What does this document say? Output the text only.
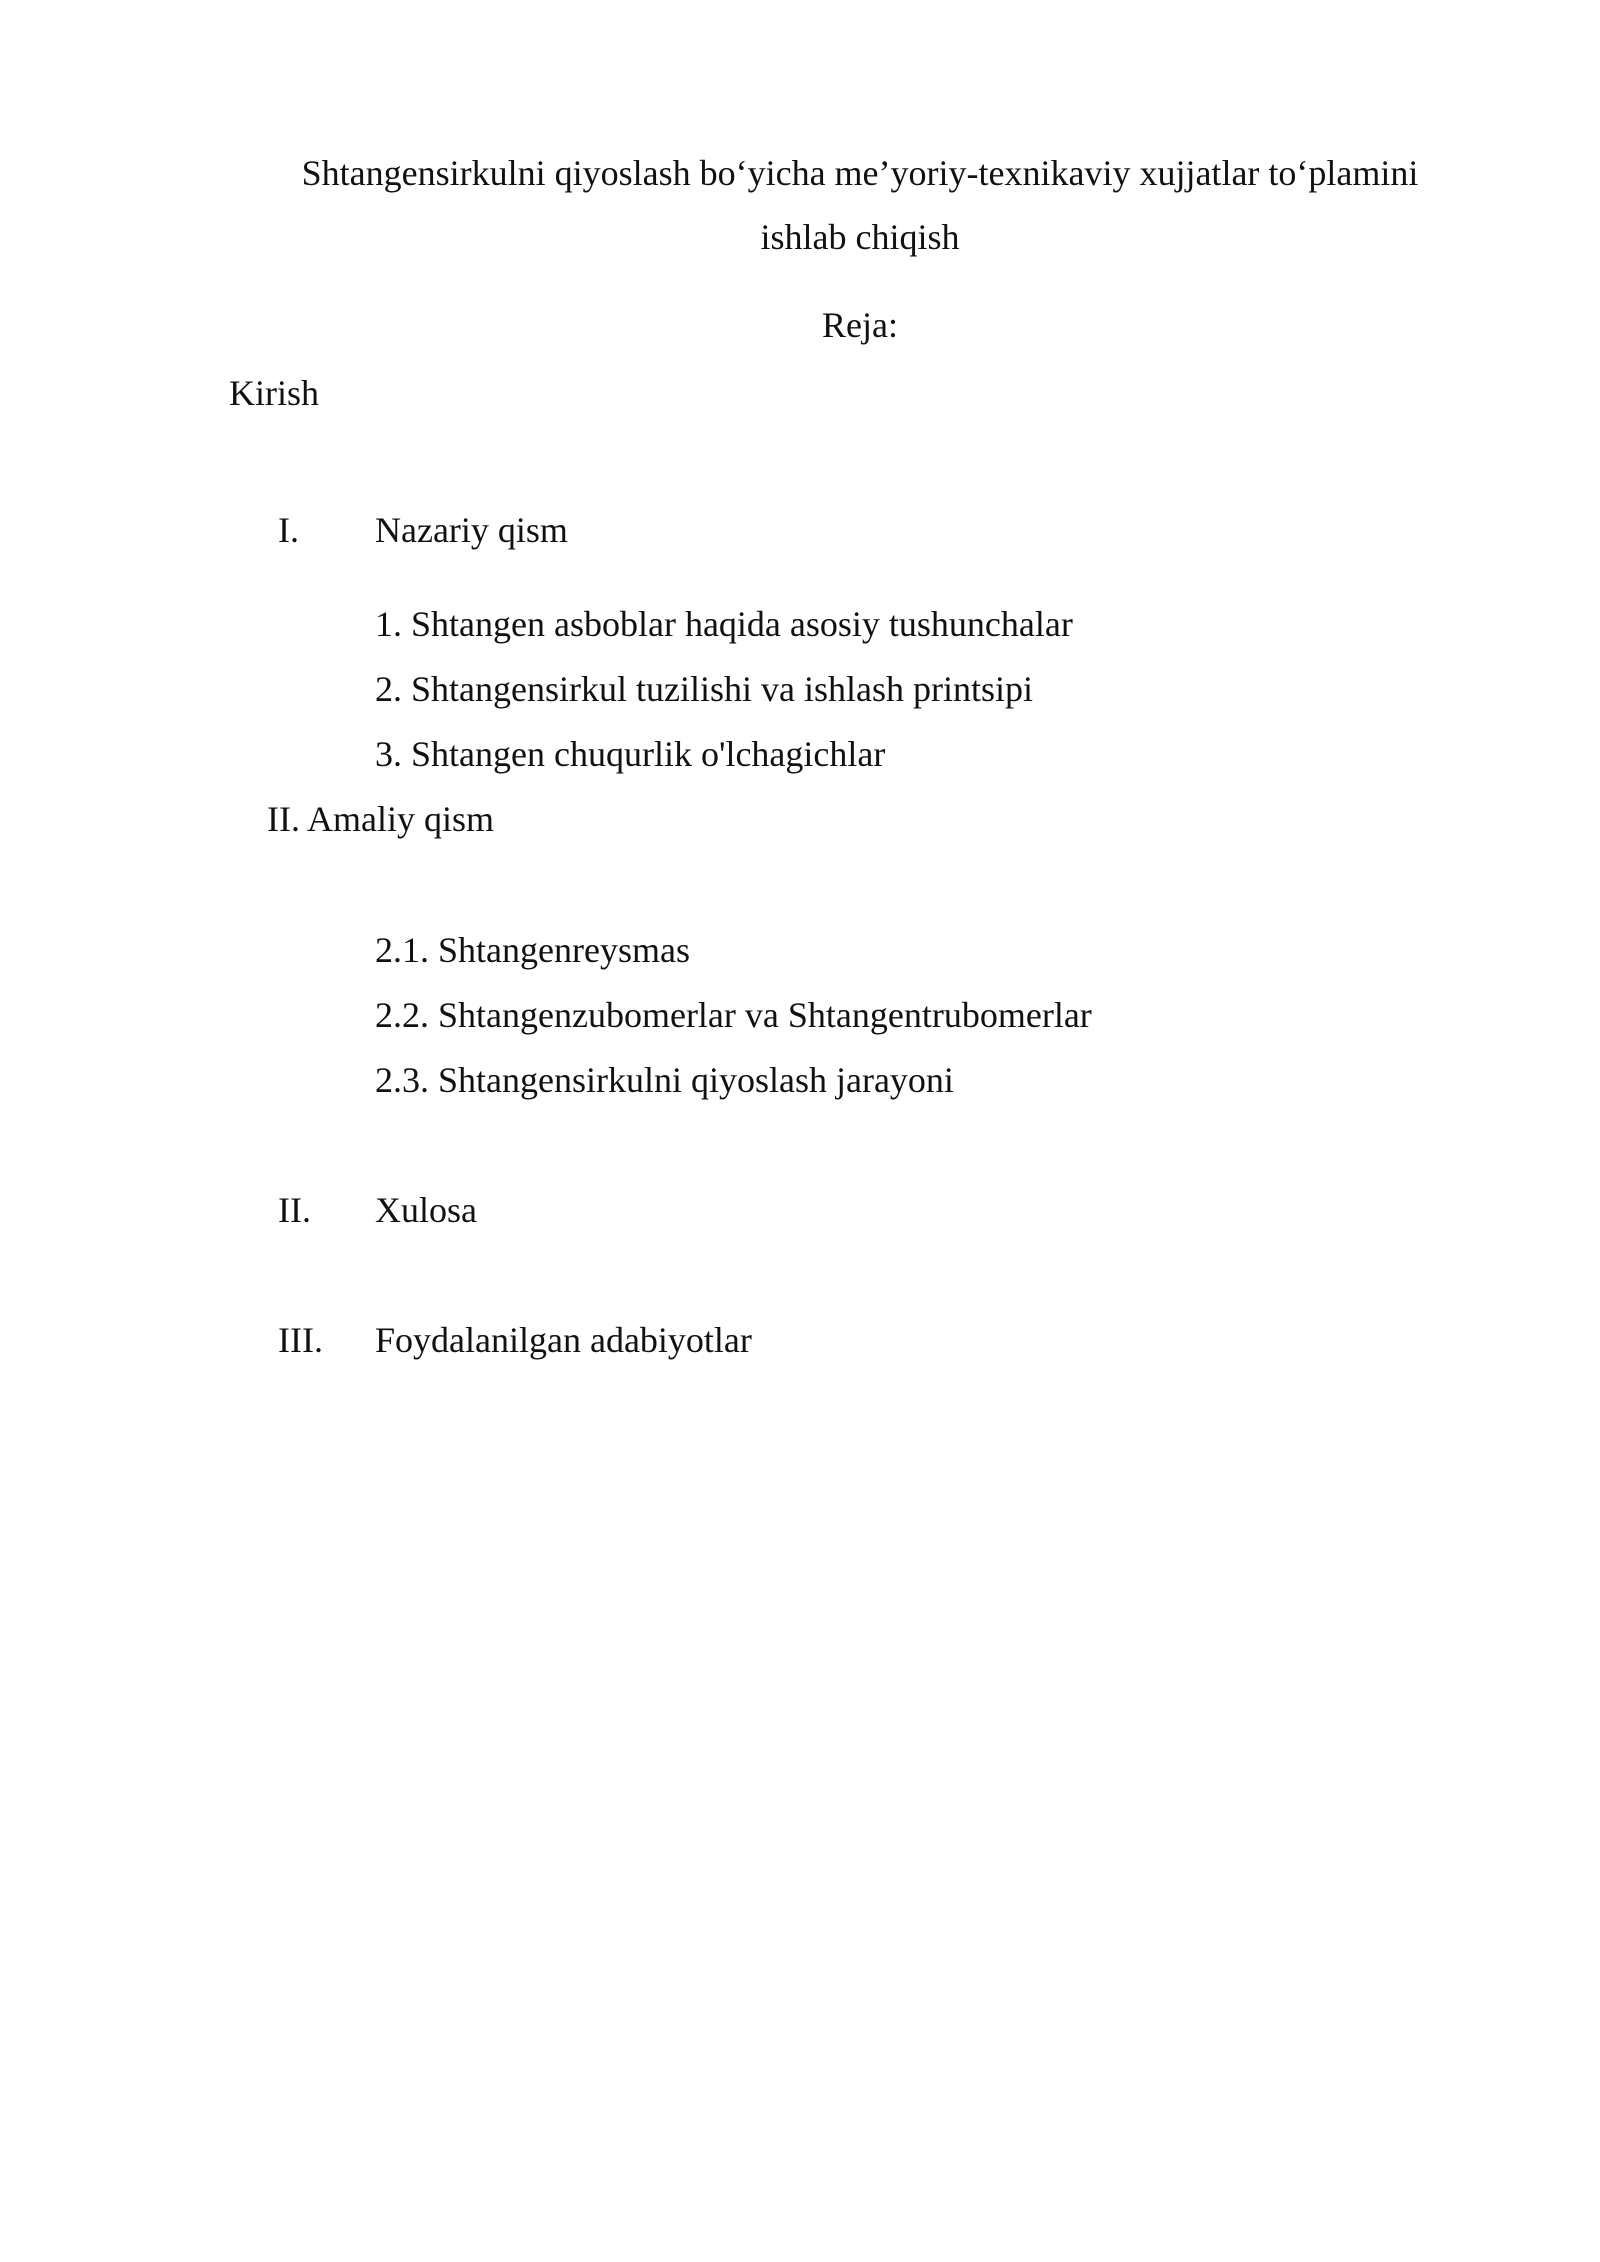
Shtangensirkulni qiyoslash bo‘yicha me’yoriy-texnikaviy xujjatlar to‘plamini
ishlab chiqish
Reja:
Kirish
I. Nazariy qism
1. Shtangen asboblar haqida asosiy tushunchalar
2. Shtangensirkul tuzilishi va ishlash printsipi
3. Shtangen chuqurlik o'lchagichlar
II. Amaliy qism
2.1. Shtangenreysmas
2.2. Shtangenzubomerlar va Shtangentrubomerlar
2.3. Shtangensirkulni qiyoslash jarayoni
II. Xulosa
III. Foydalanilgan adabiyotlar
